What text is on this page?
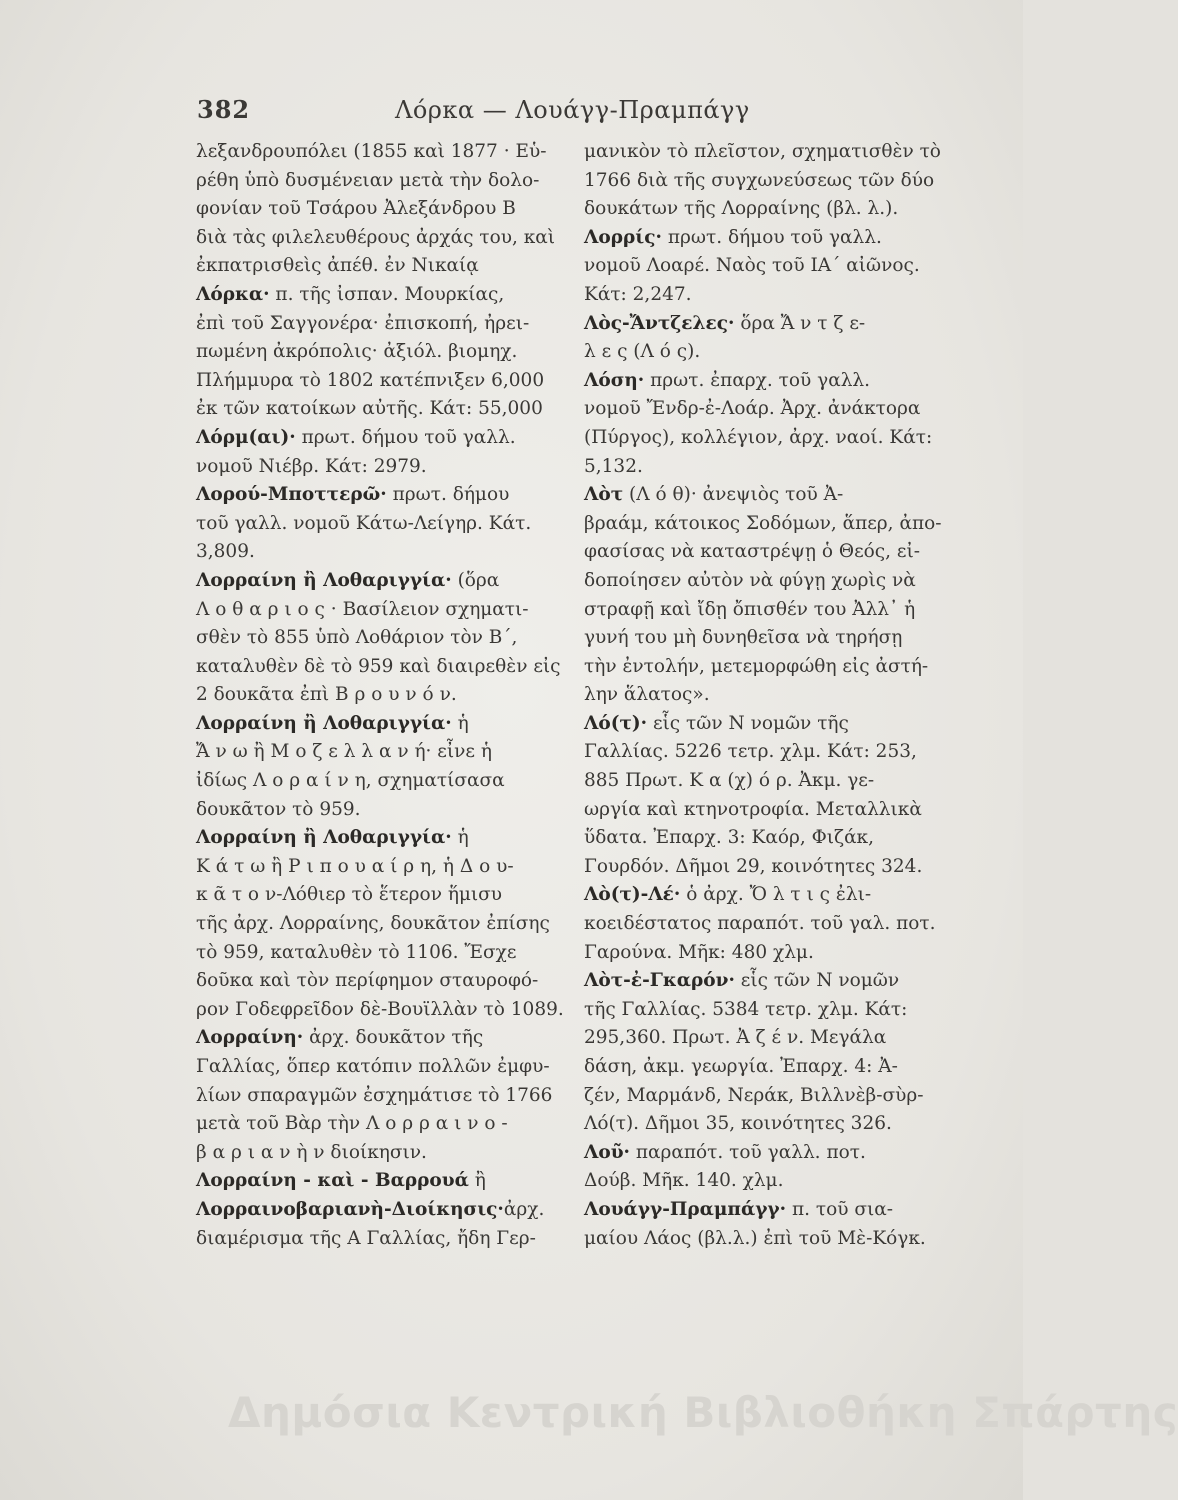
382	Λόρκα — Λουάγγ-Πραμπάγγ
λεξανδρουπόλει (1855 καὶ 1877 · Εὑ-
ρέθη ὑπὸ δυσμένειαν μετὰ τὴν δολο-
φονίαν τοῦ Τσάρου Ἀλεξάνδρου Β
διὰ τὰς φιλελευθέρους ἀρχάς του, καὶ
ἐκπατρισθεὶς ἀπέθ. ἐν Νικαίᾳ
Λόρκα· π. τῆς ἰσπαν. Μουρκίας,
ἐπὶ τοῦ Σαγγονέρα· ἐπισκοπή, ἠρει-
πωμένη ἀκρόπολις· ἀξιόλ. βιομηχ.
Πλήμμυρα τὸ 1802 κατέπνιξεν 6,000
ἐκ τῶν κατοίκων αὐτῆς. Κάτ: 55,000
Λόρμ(αι)· πρωτ. δήμου τοῦ γαλλ.
νομοῦ Νιέβρ. Κάτ: 2979.
Λορού-Μποττερῶ· πρωτ. δήμου
τοῦ γαλλ. νομοῦ Κάτω-Λείγηρ. Κάτ.
3,809.
Λορραίνη ἢ Λοθαριγγία· (ὅρα
Λ ο θ α ρ ι ο ς · Βασίλειον σχηματι-
σθὲν τὸ 855 ὑπὸ Λοθάριον τὸν Β΄,
καταλυθὲν δὲ τὸ 959 καὶ διαιρεθὲν εἰς
2 δουκᾶτα ἐπὶ Β ρ ο υ ν ό ν.
Λορραίνη ἢ Λοθαριγγία· ἡ
Ἄ ν ω ἢ Μ ο ζ ε λ λ α ν ή· εἶνε ἡ
ἰδίως Λ ο ρ α ί ν η, σχηματίσασα
δουκᾶτον τὸ 959.
Λορραίνη ἢ Λοθαριγγία· ἡ
Κ ά τ ω ἢ Ρ ι π ο υ α ί ρ η, ἡ Δ ο υ-
κ ᾶ τ ο ν-Λόθιερ τὸ ἕτερον ἥμισυ
τῆς ἀρχ. Λορραίνης, δουκᾶτον ἐπίσης
τὸ 959, καταλυθὲν τὸ 1106. Ἔσχε
δοῦκα καὶ τὸν περίφημον σταυροφό-
ρον Γοδεφρεῖδον δὲ-Βουϊλλὰν τὸ 1089.
Λορραίνη· ἀρχ. δουκᾶτον τῆς
Γαλλίας, ὅπερ κατόπιν πολλῶν ἐμφυ-
λίων σπαραγμῶν ἐσχημάτισε τὸ 1766
μετὰ τοῦ Βὰρ τὴν Λ ο ρ ρ α ι ν ο -
β α ρ ι α ν ὴ ν διοίκησιν.
Λορραίνη - καὶ - Βαρρουά ἢ
Λορραινοβαριανὴ-Διοίκησις·ἀρχ.
διαμέρισμα τῆς Α Γαλλίας, ἤδη Γερ-
μανικὸν τὸ πλεῖστον, σχηματισθὲν τὸ
1766 διὰ τῆς συγχωνεύσεως τῶν δύο
δουκάτων τῆς Λορραίνης (βλ. λ.).
Λορρίς· πρωτ. δήμου τοῦ γαλλ.
νομοῦ Λοαρέ. Ναὸς τοῦ ΙΑ΄ αἰῶνος.
Κάτ: 2,247.
Λὸς-Ἄντζελες· ὅρα Ἄ ν τ ζ ε-
λ ε ς (Λ ό ς).
Λόση· πρωτ. ἐπαρχ. τοῦ γαλλ.
νομοῦ Ἔνδρ-ἐ-Λοάρ. Ἀρχ. ἀνάκτορα
(Πύργος), κολλέγιον, ἀρχ. ναοί. Κάτ:
5,132.
Λὸτ (Λ ό θ)· ἀνεψιὸς τοῦ Ἀ-
βραάμ, κάτοικος Σοδόμων, ἅπερ, ἀπο-
φασίσας νὰ καταστρέψῃ ὁ Θεός, εἰ-
δοποίησεν αὐτὸν νὰ φύγῃ χωρὶς νὰ
στραφῇ καὶ ἴδῃ ὄπισθέν του Ἀλλ᾽ ἡ
γυνή του μὴ δυνηθεῖσα νὰ τηρήσῃ
τὴν ἐντολήν, μετεμορφώθη εἰς ἀστή-
λην ἅλατος».
Λό(τ)· εἷς τῶν Ν νομῶν τῆς
Γαλλίας. 5226 τετρ. χλμ. Κάτ: 253,
885 Πρωτ. Κ α (χ) ό ρ. Ἀκμ. γε-
ωργία καὶ κτηνοτροφία. Μεταλλικὰ
ὕδατα. Ἐπαρχ. 3: Καόρ, Φιζάκ,
Γουρδόν. Δῆμοι 29, κοινότητες 324.
Λὸ(τ)-Λέ· ὁ ἀρχ. Ὄ λ τ ι ς ἐλι-
κοειδέστατος παραπότ. τοῦ γαλ. ποτ.
Γαρούνα. Μῆκ: 480 χλμ.
Λὸτ-ἐ-Γκαρόν· εἷς τῶν Ν νομῶν
τῆς Γαλλίας. 5384 τετρ. χλμ. Κάτ:
295,360. Πρωτ. Ἀ ζ έ ν. Μεγάλα
δάση, ἀκμ. γεωργία. Ἐπαρχ. 4: Ἀ-
ζέν, Μαρμάνδ, Νεράκ, Βιλλνὲβ-σὺρ-
Λό(τ). Δῆμοι 35, κοινότητες 326.
Λοῦ· παραπότ. τοῦ γαλλ. ποτ.
Δούβ. Μῆκ. 140. χλμ.
Λουάγγ-Πραμπάγγ· π. τοῦ σια-
μαίου Λάος (βλ.λ.) ἐπὶ τοῦ Μὲ-Κόγκ.
Δημόσια Κεντρική Βιβλιοθήκη Σπάρτης
